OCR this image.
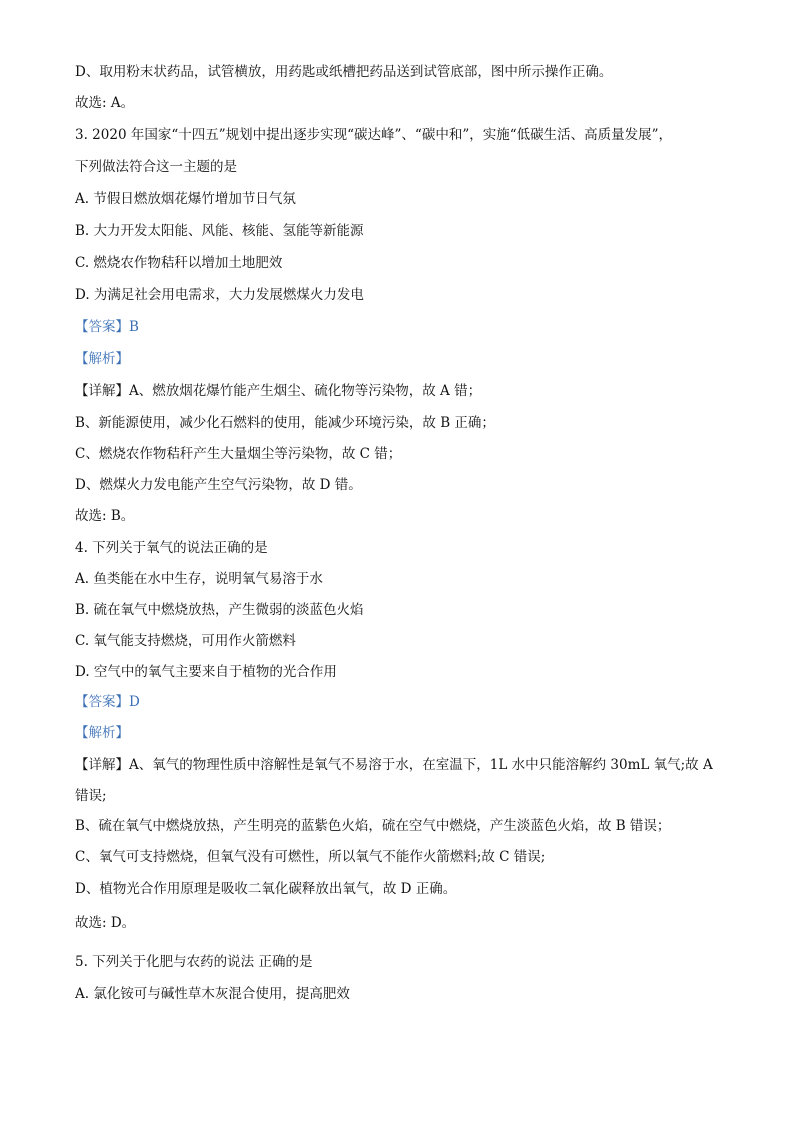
D、取用粉末状药品，试管横放，用药匙或纸槽把药品送到试管底部，图中所示操作正确。
故选: A。
3. 2020 年国家“十四五”规划中提出逐步实现“碳达峰”、“碳中和”，实施“低碳生活、高质量发展”，
下列做法符合这一主题的是
A. 节假日燃放烟花爆竹增加节日气氛
B. 大力开发太阳能、风能、核能、氢能等新能源
C. 燃烧农作物秸秆以增加土地肥效
D. 为满足社会用电需求，大力发展燃煤火力发电
【答案】B
【解析】
【详解】A、燃放烟花爆竹能产生烟尘、硫化物等污染物，故 A 错；
B、新能源使用，减少化石燃料的使用，能减少环境污染，故 B 正确；
C、燃烧农作物秸秆产生大量烟尘等污染物，故 C 错；
D、燃煤火力发电能产生空气污染物，故 D 错。
故选: B。
4. 下列关于氧气的说法正确的是
A. 鱼类能在水中生存，说明氧气易溶于水
B. 硫在氧气中燃烧放热，产生微弱的淡蓝色火焰
C. 氧气能支持燃烧，可用作火箭燃料
D. 空气中的氧气主要来自于植物的光合作用
【答案】D
【解析】
【详解】A、氧气的物理性质中溶解性是氧气不易溶于水，在室温下，1L 水中只能溶解约 30mL 氧气;故 A
错误;
B、硫在氧气中燃烧放热，产生明亮的蓝紫色火焰，硫在空气中燃烧，产生淡蓝色火焰，故 B 错误；
C、氧气可支持燃烧，但氧气没有可燃性，所以氧气不能作火箭燃料;故 C 错误;
D、植物光合作用原理是吸收二氧化碳释放出氧气，故 D 正确。
故选: D。
5. 下列关于化肥与农药的说法 正确的是
A. 氯化铵可与碱性草木灰混合使用，提高肥效
